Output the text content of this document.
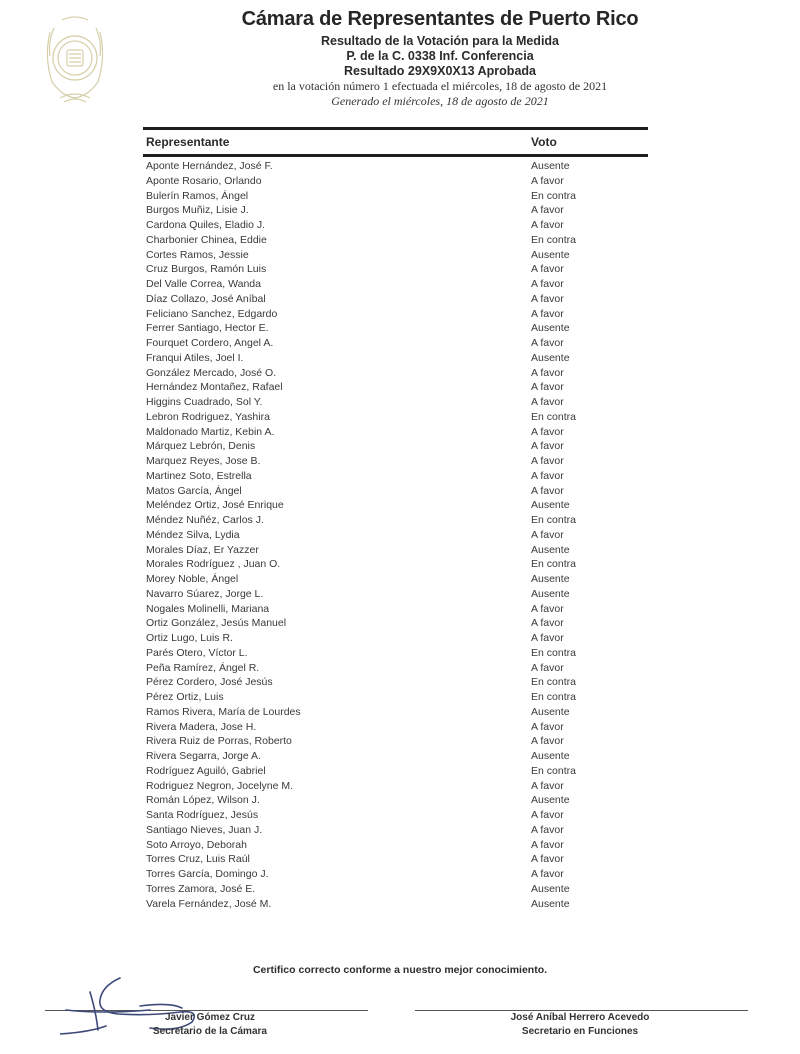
Cámara de Representantes de Puerto Rico
Resultado de la Votación para la Medida
P. de la C. 0338 Inf. Conferencia
Resultado 29X9X0X13 Aprobada
en la votación número 1 efectuada el miércoles, 18 de agosto de 2021
Generado el miércoles, 18 de agosto de 2021
Representante	Voto
Aponte Hernández, José F.	Ausente
Aponte Rosario, Orlando	A favor
Bulerín Ramos, Ángel	En contra
Burgos Muñiz, Lisie J.	A favor
Cardona Quiles, Eladio J.	A favor
Charbonier Chinea, Eddie	En contra
Cortes Ramos, Jessie	Ausente
Cruz Burgos, Ramón Luis	A favor
Del Valle Correa, Wanda	A favor
Díaz Collazo, José Aníbal	A favor
Feliciano Sanchez, Edgardo	A favor
Ferrer Santiago, Hector E.	Ausente
Fourquet Cordero, Angel A.	A favor
Franqui Atiles, Joel I.	Ausente
González Mercado, José O.	A favor
Hernández Montañez, Rafael	A favor
Higgins Cuadrado, Sol Y.	A favor
Lebron Rodriguez, Yashira	En contra
Maldonado Martiz, Kebin A.	A favor
Márquez Lebrón, Denis	A favor
Marquez Reyes, Jose B.	A favor
Martinez Soto, Estrella	A favor
Matos García, Ángel	A favor
Meléndez Ortiz, José Enrique	Ausente
Méndez Nuñéz, Carlos J.	En contra
Méndez Silva, Lydia	A favor
Morales Díaz, Er Yazzer	Ausente
Morales Rodríguez , Juan O.	En contra
Morey Noble, Ángel	Ausente
Navarro Súarez, Jorge L.	Ausente
Nogales Molinelli, Mariana	A favor
Ortiz González, Jesús Manuel	A favor
Ortiz Lugo, Luis R.	A favor
Parés Otero, Víctor L.	En contra
Peña Ramírez, Ángel R.	A favor
Pérez Cordero, José Jesús	En contra
Pérez Ortiz, Luis	En contra
Ramos Rivera, María de Lourdes	Ausente
Rivera Madera, Jose H.	A favor
Rivera Ruiz de Porras, Roberto	A favor
Rivera Segarra, Jorge A.	Ausente
Rodríguez Aguiló, Gabriel	En contra
Rodriguez Negron, Jocelyne M.	A favor
Román López, Wilson J.	Ausente
Santa Rodríguez, Jesús	A favor
Santiago Nieves, Juan J.	A favor
Soto Arroyo, Deborah	A favor
Torres Cruz, Luis Raúl	A favor
Torres García, Domingo J.	A favor
Torres Zamora, José E.	Ausente
Varela Fernández, José M.	Ausente
Certifico correcto conforme a nuestro mejor conocimiento.
Javier Gómez Cruz
Secretario de la Cámara
José Aníbal Herrero Acevedo
Secretario en Funciones
